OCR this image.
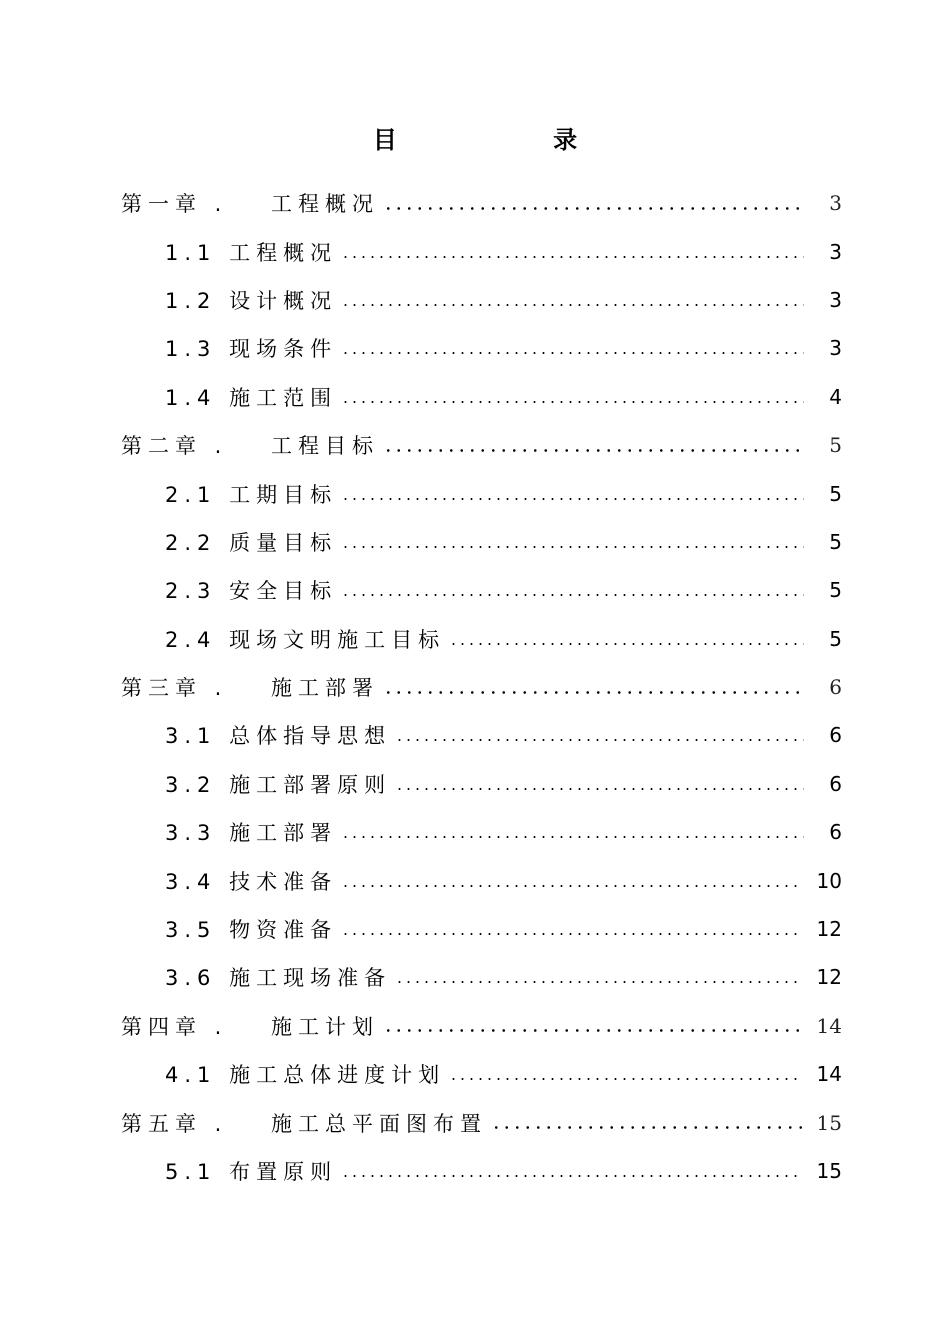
目 录
第一章 . 工程概况	3
1.1 工程概况	3
1.2 设计概况	3
1.3 现场条件	3
1.4 施工范围	4
第二章 . 工程目标	5
2.1 工期目标	5
2.2 质量目标	5
2.3 安全目标	5
2.4 现场文明施工目标	5
第三章 . 施工部署	6
3.1 总体指导思想	6
3.2 施工部署原则	6
3.3 施工部署	6
3.4 技术准备	10
3.5 物资准备	12
3.6 施工现场准备	12
第四章 . 施工计划	14
4.1 施工总体进度计划	14
第五章 . 施工总平面图布置	15
5.1 布置原则	15
